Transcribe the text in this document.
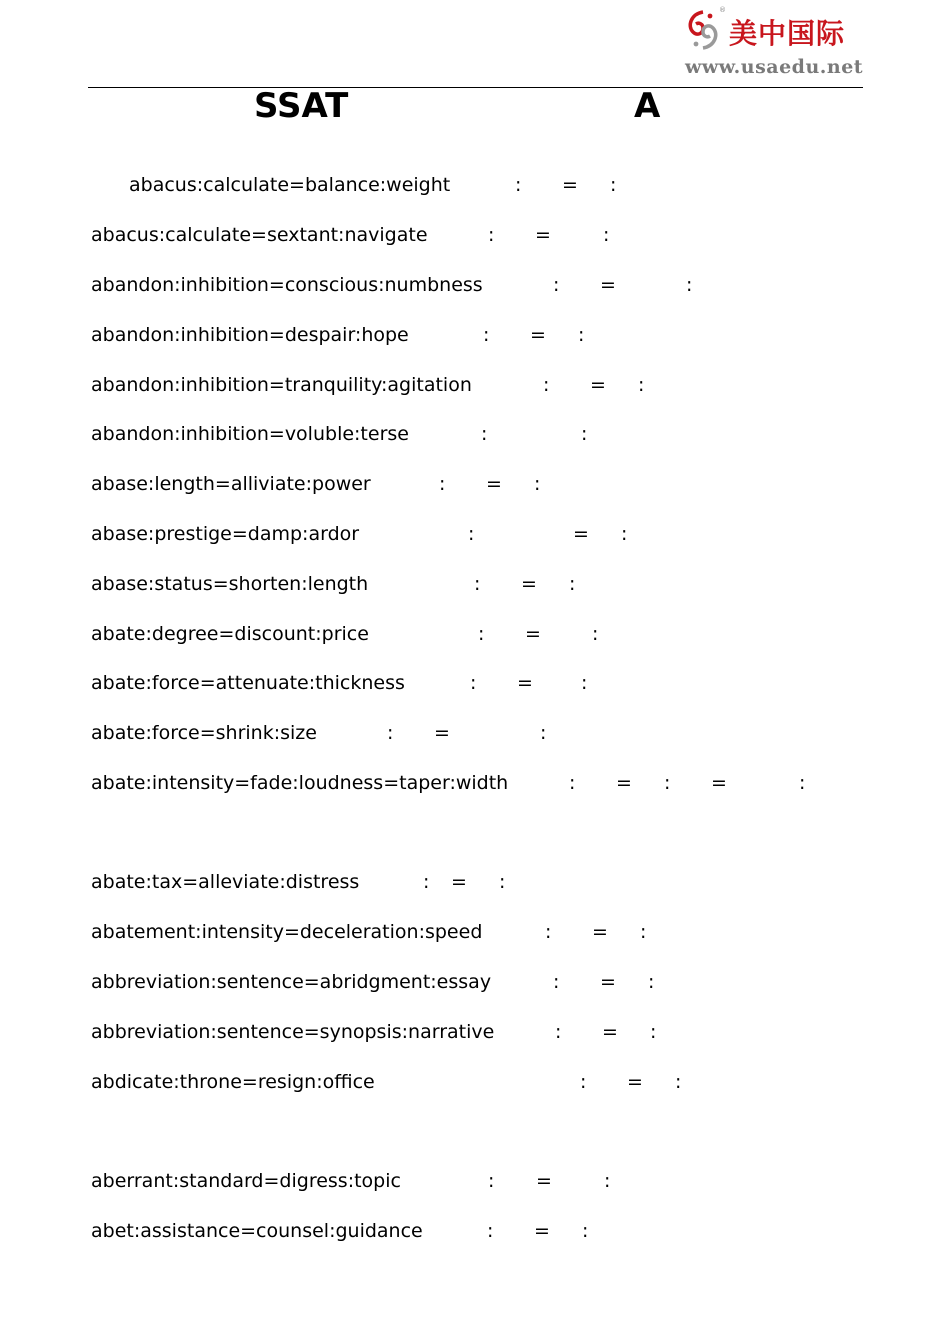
®
美中国际
www.usaedu.net
SSAT	A
abacus:calculate=balance:weight	: = :
abacus:calculate=sextant:navigate	: =	:
abandon:inhibition=conscious:numbness	: =	:
abandon:inhibition=despair:hope	: = :
abandon:inhibition=tranquility:agitation	: = :
abandon:inhibition=voluble:terse	:	:
abase:length=alliviate:power	: = :
abase:prestige=damp:ardor	:	= :
abase:status=shorten:length	: = :
abate:degree=discount:price	: =	:
abate:force=attenuate:thickness	: =	:
abate:force=shrink:size	: =	:
abate:intensity=fade:loudness=taper:width	: = : =	:
abate:tax=alleviate:distress	: = :
abatement:intensity=deceleration:speed	: = :
abbreviation:sentence=abridgment:essay	: = :
abbreviation:sentence=synopsis:narrative	: = :
abdicate:throne=resign:office	: = :
aberrant:standard=digress:topic	: =	:
abet:assistance=counsel:guidance	: = :
